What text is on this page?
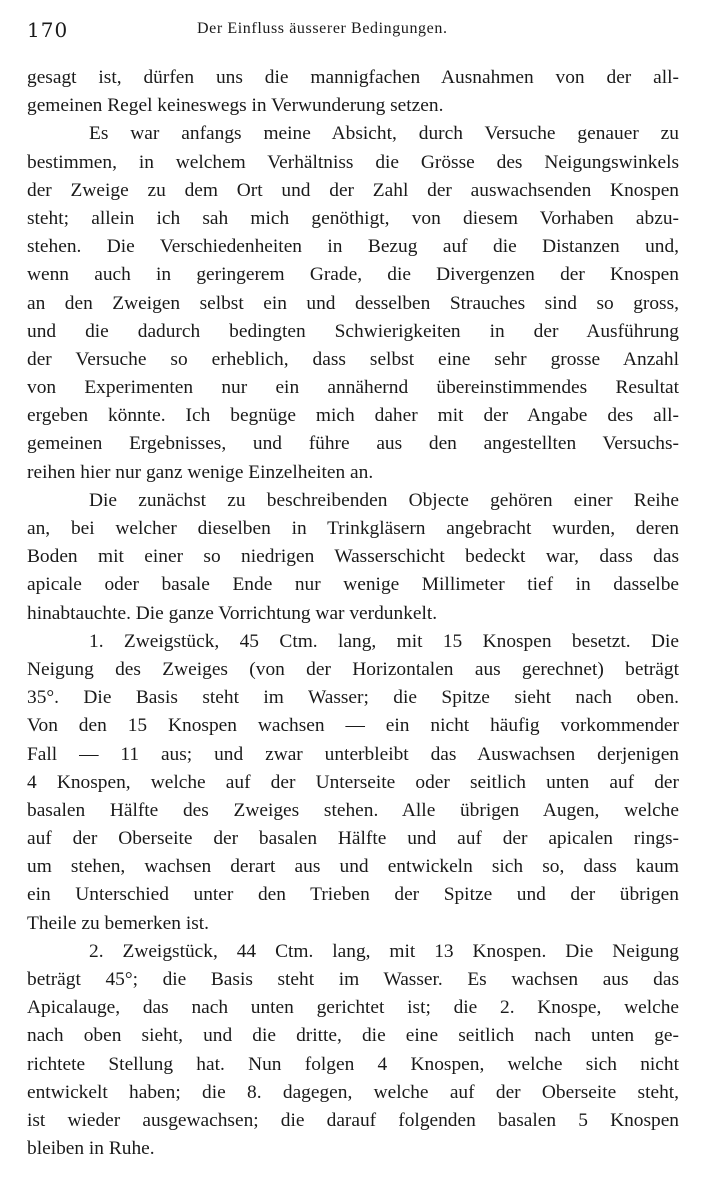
170	Der Einfluss äusserer Bedingungen.
gesagt ist, dürfen uns die mannigfachen Ausnahmen von der all-
gemeinen Regel keineswegs in Verwunderung setzen.
Es war anfangs meine Absicht, durch Versuche genauer zu
bestimmen, in welchem Verhältniss die Grösse des Neigungswinkels
der Zweige zu dem Ort und der Zahl der auswachsenden Knospen
steht; allein ich sah mich genöthigt, von diesem Vorhaben abzu-
stehen. Die Verschiedenheiten in Bezug auf die Distanzen und,
wenn auch in geringerem Grade, die Divergenzen der Knospen
an den Zweigen selbst ein und desselben Strauches sind so gross,
und die dadurch bedingten Schwierigkeiten in der Ausführung
der Versuche so erheblich, dass selbst eine sehr grosse Anzahl
von Experimenten nur ein annähernd übereinstimmendes Resultat
ergeben könnte. Ich begnüge mich daher mit der Angabe des all-
gemeinen Ergebnisses, und führe aus den angestellten Versuchs-
reihen hier nur ganz wenige Einzelheiten an.
Die zunächst zu beschreibenden Objecte gehören einer Reihe
an, bei welcher dieselben in Trinkgläsern angebracht wurden, deren
Boden mit einer so niedrigen Wasserschicht bedeckt war, dass das
apicale oder basale Ende nur wenige Millimeter tief in dasselbe
hinabtauchte. Die ganze Vorrichtung war verdunkelt.
1. Zweigstück, 45 Ctm. lang, mit 15 Knospen besetzt. Die
Neigung des Zweiges (von der Horizontalen aus gerechnet) beträgt
35°. Die Basis steht im Wasser; die Spitze sieht nach oben.
Von den 15 Knospen wachsen — ein nicht häufig vorkommender
Fall — 11 aus; und zwar unterbleibt das Auswachsen derjenigen
4 Knospen, welche auf der Unterseite oder seitlich unten auf der
basalen Hälfte des Zweiges stehen. Alle übrigen Augen, welche
auf der Oberseite der basalen Hälfte und auf der apicalen rings-
um stehen, wachsen derart aus und entwickeln sich so, dass kaum
ein Unterschied unter den Trieben der Spitze und der übrigen
Theile zu bemerken ist.
2. Zweigstück, 44 Ctm. lang, mit 13 Knospen. Die Neigung
beträgt 45°; die Basis steht im Wasser. Es wachsen aus das
Apicalauge, das nach unten gerichtet ist; die 2. Knospe, welche
nach oben sieht, und die dritte, die eine seitlich nach unten ge-
richtete Stellung hat. Nun folgen 4 Knospen, welche sich nicht
entwickelt haben; die 8. dagegen, welche auf der Oberseite steht,
ist wieder ausgewachsen; die darauf folgenden basalen 5 Knospen
bleiben in Ruhe.
